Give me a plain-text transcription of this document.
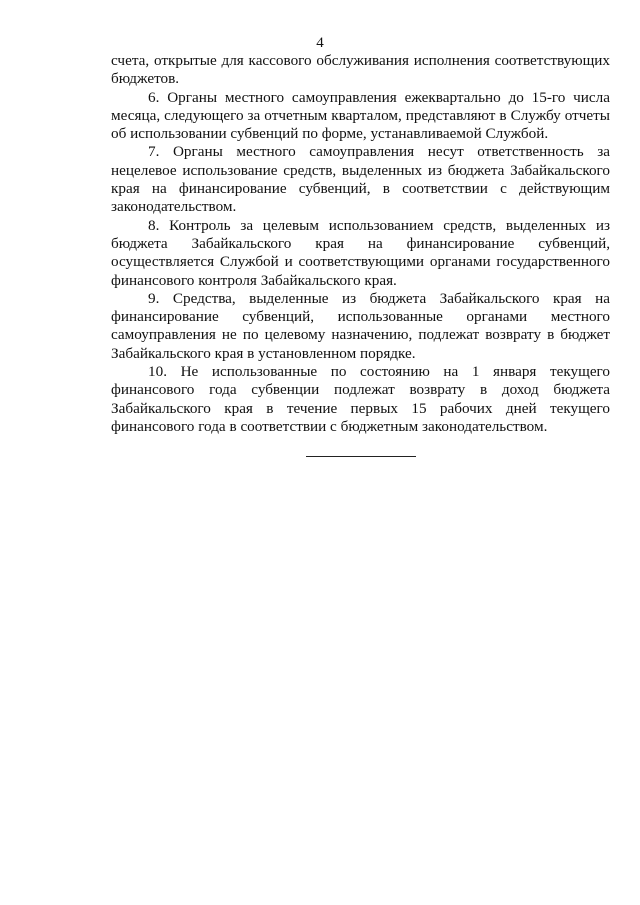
4

счета, открытые для кассового обслуживания исполнения соответствующих бюджетов.

6. Органы местного самоуправления ежеквартально до 15-го числа месяца, следующего за отчетным кварталом, представляют в Службу отчеты об использовании субвенций по форме, устанавливаемой Службой.

7. Органы местного самоуправления несут ответственность за нецелевое использование средств, выделенных из бюджета Забайкальского края на финансирование субвенций, в соответствии с действующим законодательством.

8. Контроль за целевым использованием средств, выделенных из бюджета Забайкальского края на финансирование субвенций, осуществляется Службой и соответствующими органами государственного финансового контроля Забайкальского края.

9. Средства, выделенные из бюджета Забайкальского края на финансирование субвенций, использованные органами местного самоуправления не по целевому назначению, подлежат возврату в бюджет Забайкальского края в установленном порядке.

10. Не использованные по состоянию на 1 января текущего финансового года субвенции подлежат возврату в доход бюджета Забайкальского края в течение первых 15 рабочих дней текущего финансового года в соответствии с бюджетным законодательством.
